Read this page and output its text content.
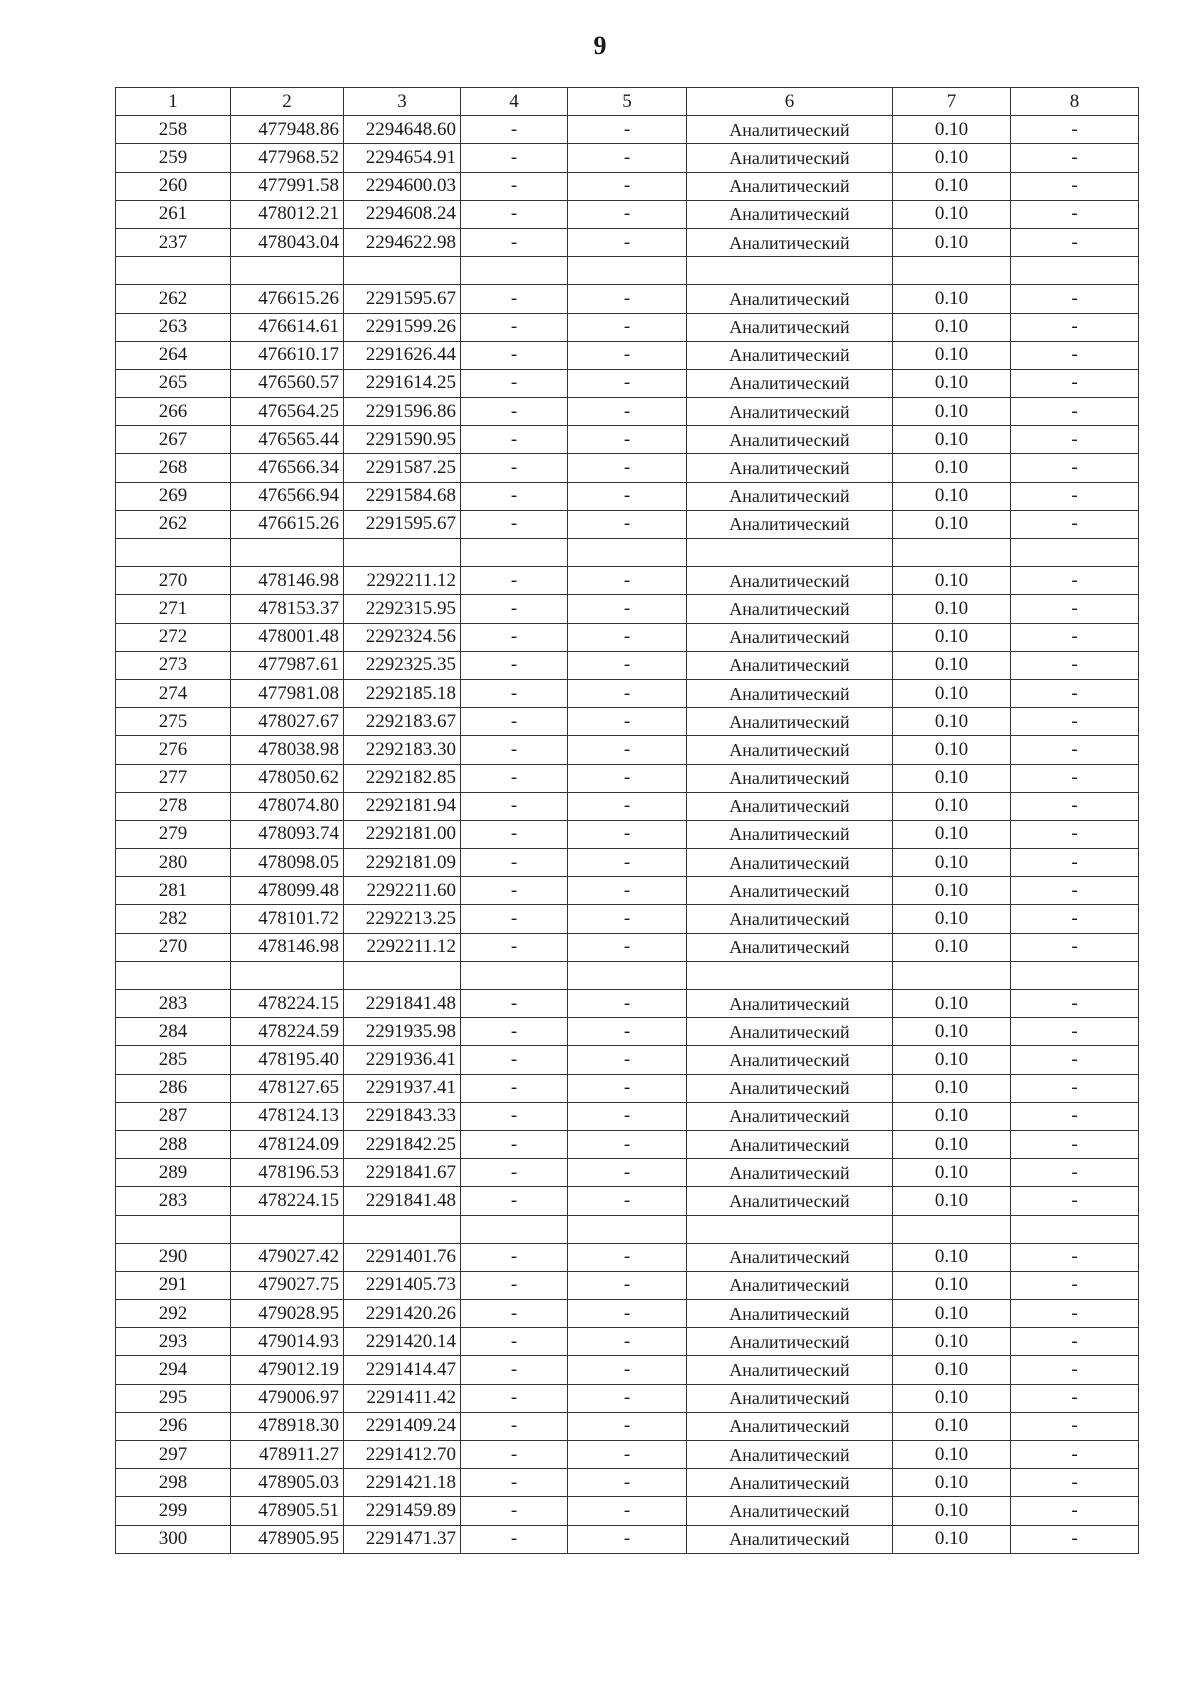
9
1	2	3	4	5	6	7	8
258	477948.86	2294648.60	-	-	Аналитический	0.10	-
259	477968.52	2294654.91	-	-	Аналитический	0.10	-
260	477991.58	2294600.03	-	-	Аналитический	0.10	-
261	478012.21	2294608.24	-	-	Аналитический	0.10	-
237	478043.04	2294622.98	-	-	Аналитический	0.10	-

262	476615.26	2291595.67	-	-	Аналитический	0.10	-
263	476614.61	2291599.26	-	-	Аналитический	0.10	-
264	476610.17	2291626.44	-	-	Аналитический	0.10	-
265	476560.57	2291614.25	-	-	Аналитический	0.10	-
266	476564.25	2291596.86	-	-	Аналитический	0.10	-
267	476565.44	2291590.95	-	-	Аналитический	0.10	-
268	476566.34	2291587.25	-	-	Аналитический	0.10	-
269	476566.94	2291584.68	-	-	Аналитический	0.10	-
262	476615.26	2291595.67	-	-	Аналитический	0.10	-

270	478146.98	2292211.12	-	-	Аналитический	0.10	-
271	478153.37	2292315.95	-	-	Аналитический	0.10	-
272	478001.48	2292324.56	-	-	Аналитический	0.10	-
273	477987.61	2292325.35	-	-	Аналитический	0.10	-
274	477981.08	2292185.18	-	-	Аналитический	0.10	-
275	478027.67	2292183.67	-	-	Аналитический	0.10	-
276	478038.98	2292183.30	-	-	Аналитический	0.10	-
277	478050.62	2292182.85	-	-	Аналитический	0.10	-
278	478074.80	2292181.94	-	-	Аналитический	0.10	-
279	478093.74	2292181.00	-	-	Аналитический	0.10	-
280	478098.05	2292181.09	-	-	Аналитический	0.10	-
281	478099.48	2292211.60	-	-	Аналитический	0.10	-
282	478101.72	2292213.25	-	-	Аналитический	0.10	-
270	478146.98	2292211.12	-	-	Аналитический	0.10	-

283	478224.15	2291841.48	-	-	Аналитический	0.10	-
284	478224.59	2291935.98	-	-	Аналитический	0.10	-
285	478195.40	2291936.41	-	-	Аналитический	0.10	-
286	478127.65	2291937.41	-	-	Аналитический	0.10	-
287	478124.13	2291843.33	-	-	Аналитический	0.10	-
288	478124.09	2291842.25	-	-	Аналитический	0.10	-
289	478196.53	2291841.67	-	-	Аналитический	0.10	-
283	478224.15	2291841.48	-	-	Аналитический	0.10	-

290	479027.42	2291401.76	-	-	Аналитический	0.10	-
291	479027.75	2291405.73	-	-	Аналитический	0.10	-
292	479028.95	2291420.26	-	-	Аналитический	0.10	-
293	479014.93	2291420.14	-	-	Аналитический	0.10	-
294	479012.19	2291414.47	-	-	Аналитический	0.10	-
295	479006.97	2291411.42	-	-	Аналитический	0.10	-
296	478918.30	2291409.24	-	-	Аналитический	0.10	-
297	478911.27	2291412.70	-	-	Аналитический	0.10	-
298	478905.03	2291421.18	-	-	Аналитический	0.10	-
299	478905.51	2291459.89	-	-	Аналитический	0.10	-
300	478905.95	2291471.37	-	-	Аналитический	0.10	-
